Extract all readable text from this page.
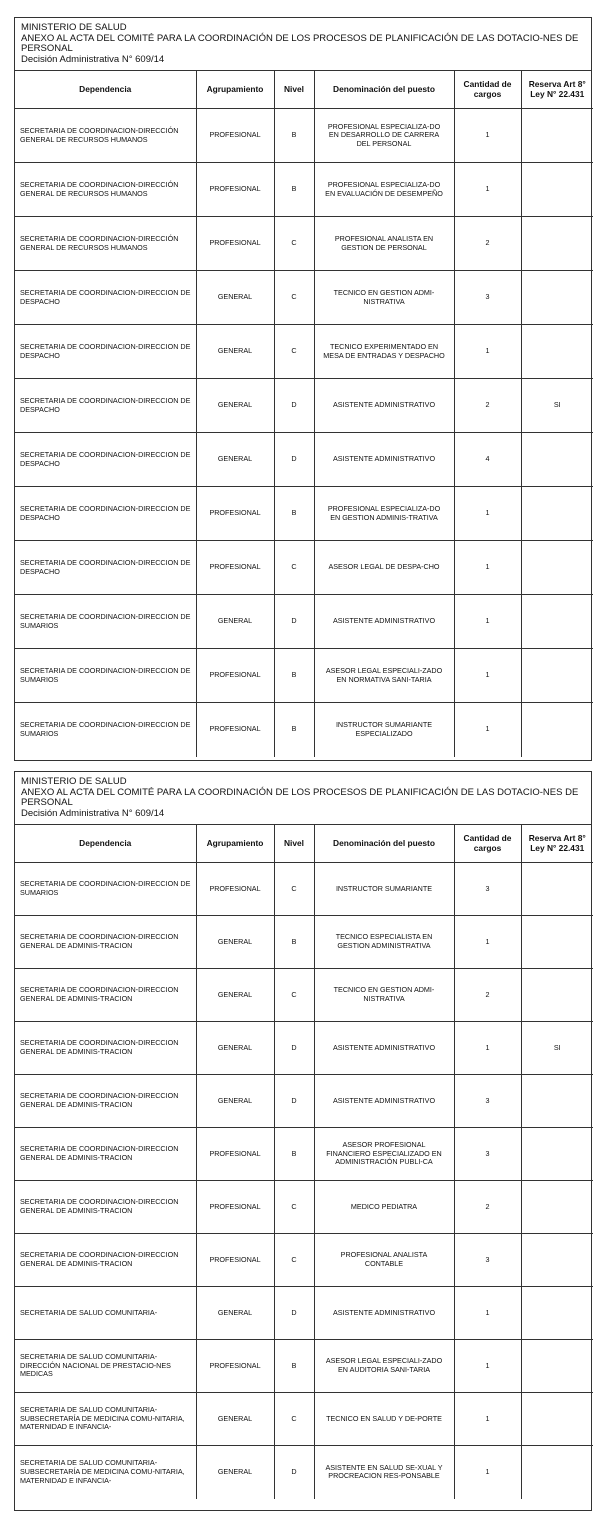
MINISTERIO DE SALUD
ANEXO AL ACTA DEL COMITÉ PARA LA COORDINACIÓN DE LOS PROCESOS DE PLANIFICACIÓN DE LAS DOTACIO-NES DE PERSONAL
Decisión Administrativa N° 609/14
Dependencia	Agrupamiento	Nivel	Denominación del puesto	Cantidad de cargos	Reserva Art 8° Ley N° 22.431
SECRETARIA DE COORDINACION-DIRECCIÓN GENERAL DE RECURSOS HUMANOS	PROFESIONAL	B	PROFESIONAL ESPECIALIZA-DO EN DESARROLLO DE CARRERA DEL PERSONAL	1	
SECRETARIA DE COORDINACION-DIRECCIÓN GENERAL DE RECURSOS HUMANOS	PROFESIONAL	B	PROFESIONAL ESPECIALIZA-DO EN EVALUACIÓN DE DESEMPEÑO	1	
SECRETARIA DE COORDINACION-DIRECCIÓN GENERAL DE RECURSOS HUMANOS	PROFESIONAL	C	PROFESIONAL ANALISTA EN GESTION DE PERSONAL	2	
SECRETARIA DE COORDINACION-DIRECCION DE DESPACHO	GENERAL	C	TECNICO EN GESTION ADMI-NISTRATIVA	3	
SECRETARIA DE COORDINACION-DIRECCION DE DESPACHO	GENERAL	C	TECNICO EXPERIMENTADO EN MESA DE ENTRADAS Y DESPACHO	1	
SECRETARIA DE COORDINACION-DIRECCION DE DESPACHO	GENERAL	D	ASISTENTE ADMINISTRATIVO	2	SI
SECRETARIA DE COORDINACION-DIRECCION DE DESPACHO	GENERAL	D	ASISTENTE ADMINISTRATIVO	4	
SECRETARIA DE COORDINACION-DIRECCION DE DESPACHO	PROFESIONAL	B	PROFESIONAL ESPECIALIZA-DO EN GESTION ADMINIS-TRATIVA	1	
SECRETARIA DE COORDINACION-DIRECCION DE DESPACHO	PROFESIONAL	C	ASESOR LEGAL DE DESPA-CHO	1	
SECRETARIA DE COORDINACION-DIRECCION DE SUMARIOS	GENERAL	D	ASISTENTE ADMINISTRATIVO	1	
SECRETARIA DE COORDINACION-DIRECCION DE SUMARIOS	PROFESIONAL	B	ASESOR LEGAL ESPECIALI-ZADO EN NORMATIVA SANI-TARIA	1	
SECRETARIA DE COORDINACION-DIRECCION DE SUMARIOS	PROFESIONAL	B	INSTRUCTOR SUMARIANTE ESPECIALIZADO	1	
MINISTERIO DE SALUD
ANEXO AL ACTA DEL COMITÉ PARA LA COORDINACIÓN DE LOS PROCESOS DE PLANIFICACIÓN DE LAS DOTACIO-NES DE PERSONAL
Decisión Administrativa N° 609/14
Dependencia	Agrupamiento	Nivel	Denominación del puesto	Cantidad de cargos	Reserva Art 8° Ley N° 22.431
SECRETARIA DE COORDINACION-DIRECCION DE SUMARIOS	PROFESIONAL	C	INSTRUCTOR SUMARIANTE	3	
SECRETARIA DE COORDINACION-DIRECCION GENERAL DE ADMINIS-TRACION	GENERAL	B	TECNICO ESPECIALISTA EN GESTION ADMINISTRATIVA	1	
SECRETARIA DE COORDINACION-DIRECCION GENERAL DE ADMINIS-TRACION	GENERAL	C	TECNICO EN GESTION ADMI-NISTRATIVA	2	
SECRETARIA DE COORDINACION-DIRECCION GENERAL DE ADMINIS-TRACION	GENERAL	D	ASISTENTE ADMINISTRATIVO	1	SI
SECRETARIA DE COORDINACION-DIRECCION GENERAL DE ADMINIS-TRACION	GENERAL	D	ASISTENTE ADMINISTRATIVO	3	
SECRETARIA DE COORDINACION-DIRECCION GENERAL DE ADMINIS-TRACION	PROFESIONAL	B	ASESOR PROFESIONAL FINANCIERO ESPECIALIZADO EN ADMINISTRACIÓN PUBLI-CA	3	
SECRETARIA DE COORDINACION-DIRECCION GENERAL DE ADMINIS-TRACION	PROFESIONAL	C	MEDICO PEDIATRA	2	
SECRETARIA DE COORDINACION-DIRECCION GENERAL DE ADMINIS-TRACION	PROFESIONAL	C	PROFESIONAL ANALISTA CONTABLE	3	
SECRETARIA DE SALUD COMUNITARIA-	GENERAL	D	ASISTENTE ADMINISTRATIVO	1	
SECRETARIA DE SALUD COMUNITARIA-DIRECCIÓN NACIONAL DE PRESTACIO-NES MEDICAS	PROFESIONAL	B	ASESOR LEGAL ESPECIALI-ZADO EN AUDITORIA SANI-TARIA	1	
SECRETARIA DE SALUD COMUNITARIA-SUBSECRETARÍA DE MEDICINA COMU-NITARIA, MATERNIDAD E INFANCIA-	GENERAL	C	TECNICO EN SALUD Y DE-PORTE	1	
SECRETARIA DE SALUD COMUNITARIA-SUBSECRETARÍA DE MEDICINA COMU-NITARIA, MATERNIDAD E INFANCIA-	GENERAL	D	ASISTENTE EN SALUD SE-XUAL Y PROCREACION RES-PONSABLE	1	
